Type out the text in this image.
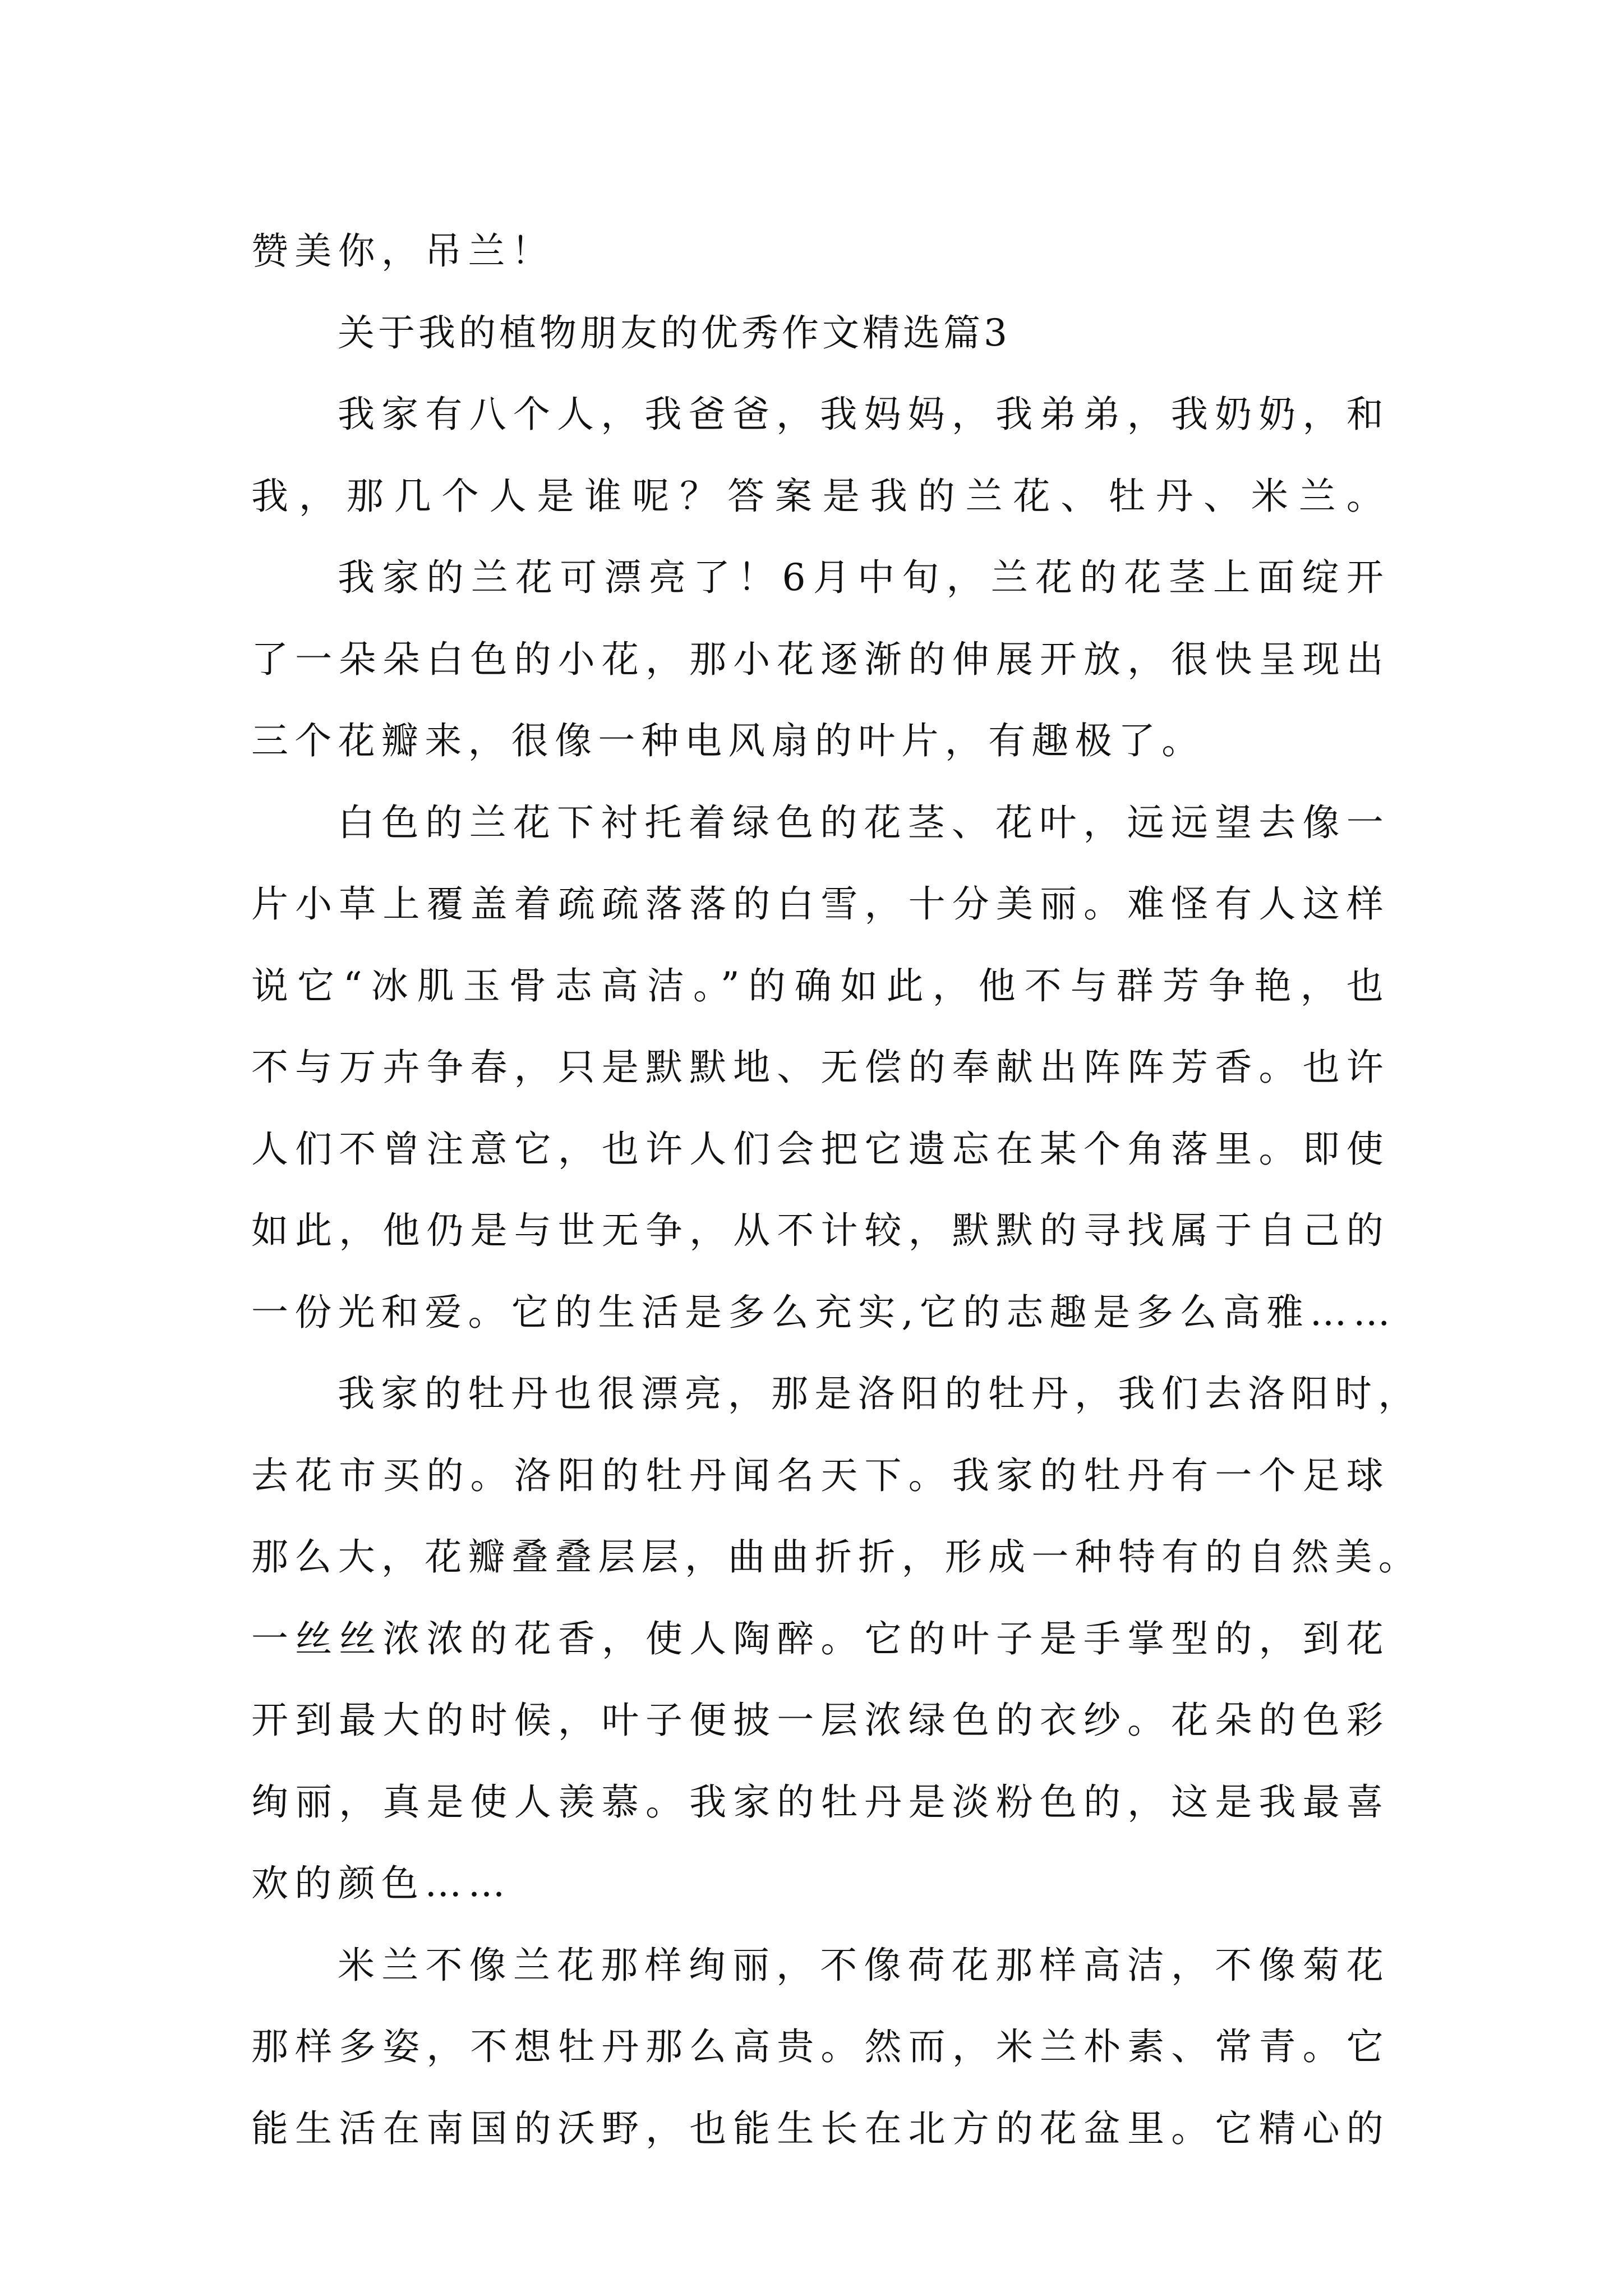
赞美你，吊兰！
关于我的植物朋友的优秀作文精选篇3
我家有八个人，我爸爸，我妈妈，我弟弟，我奶奶，和
我，那几个人是谁呢？答案是我的兰花、牡丹、米兰。
我家的兰花可漂亮了！6月中旬，兰花的花茎上面绽开
了一朵朵白色的小花，那小花逐渐的伸展开放，很快呈现出
三个花瓣来，很像一种电风扇的叶片，有趣极了。
白色的兰花下衬托着绿色的花茎、花叶，远远望去像一
片小草上覆盖着疏疏落落的白雪，十分美丽。难怪有人这样
说它“冰肌玉骨志高洁。”的确如此，他不与群芳争艳，也
不与万卉争春，只是默默地、无偿的奉献出阵阵芳香。也许
人们不曾注意它，也许人们会把它遗忘在某个角落里。即使
如此，他仍是与世无争，从不计较，默默的寻找属于自己的
一份光和爱。它的生活是多么充实,它的志趣是多么高雅……
我家的牡丹也很漂亮，那是洛阳的牡丹，我们去洛阳时，
去花市买的。洛阳的牡丹闻名天下。我家的牡丹有一个足球
那么大，花瓣叠叠层层，曲曲折折，形成一种特有的自然美。
一丝丝浓浓的花香，使人陶醉。它的叶子是手掌型的，到花
开到最大的时候，叶子便披一层浓绿色的衣纱。花朵的色彩
绚丽，真是使人羡慕。我家的牡丹是淡粉色的，这是我最喜
欢的颜色……
米兰不像兰花那样绚丽，不像荷花那样高洁，不像菊花
那样多姿，不想牡丹那么高贵。然而，米兰朴素、常青。它
能生活在南国的沃野，也能生长在北方的花盆里。它精心的
